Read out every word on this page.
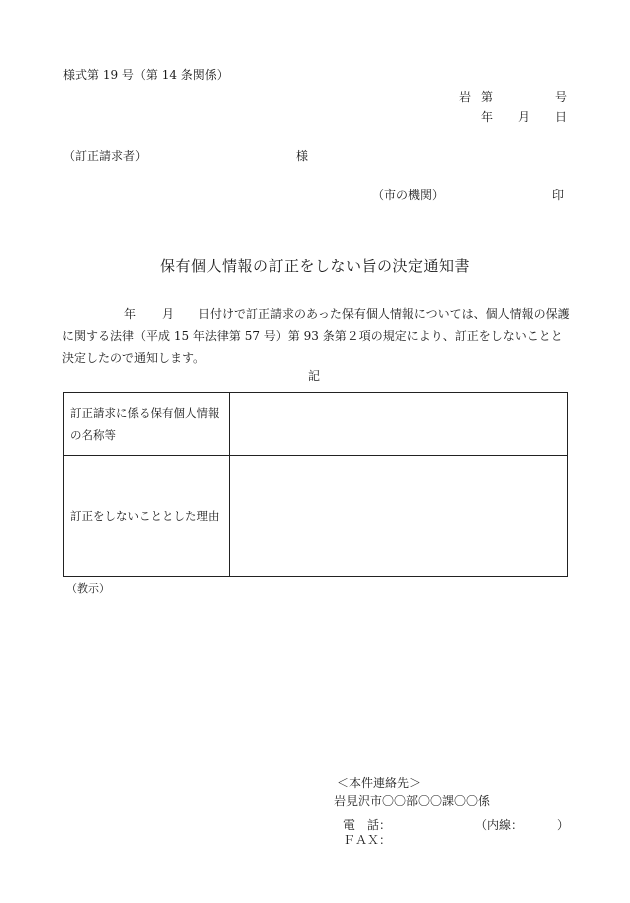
様式第 19 号（第 14 条関係）
岩 第	号
年 月 日
（訂正請求者）	様
（市の機関）	印
保有個人情報の訂正をしない旨の決定通知書
年 月 日付けで訂正請求のあった保有個人情報については、個人情報の保護に関する法律（平成 15 年法律第 57 号）第 93 条第２項の規定により、訂正をしないことと決定したので通知します。
記
訂正請求に係る保有個人情報の名称等	
訂正をしないこととした理由	
（教示）
＜本件連絡先＞
岩見沢市〇〇部〇〇課〇〇係
電　話：	（内線：	）
ＦＡＸ：
